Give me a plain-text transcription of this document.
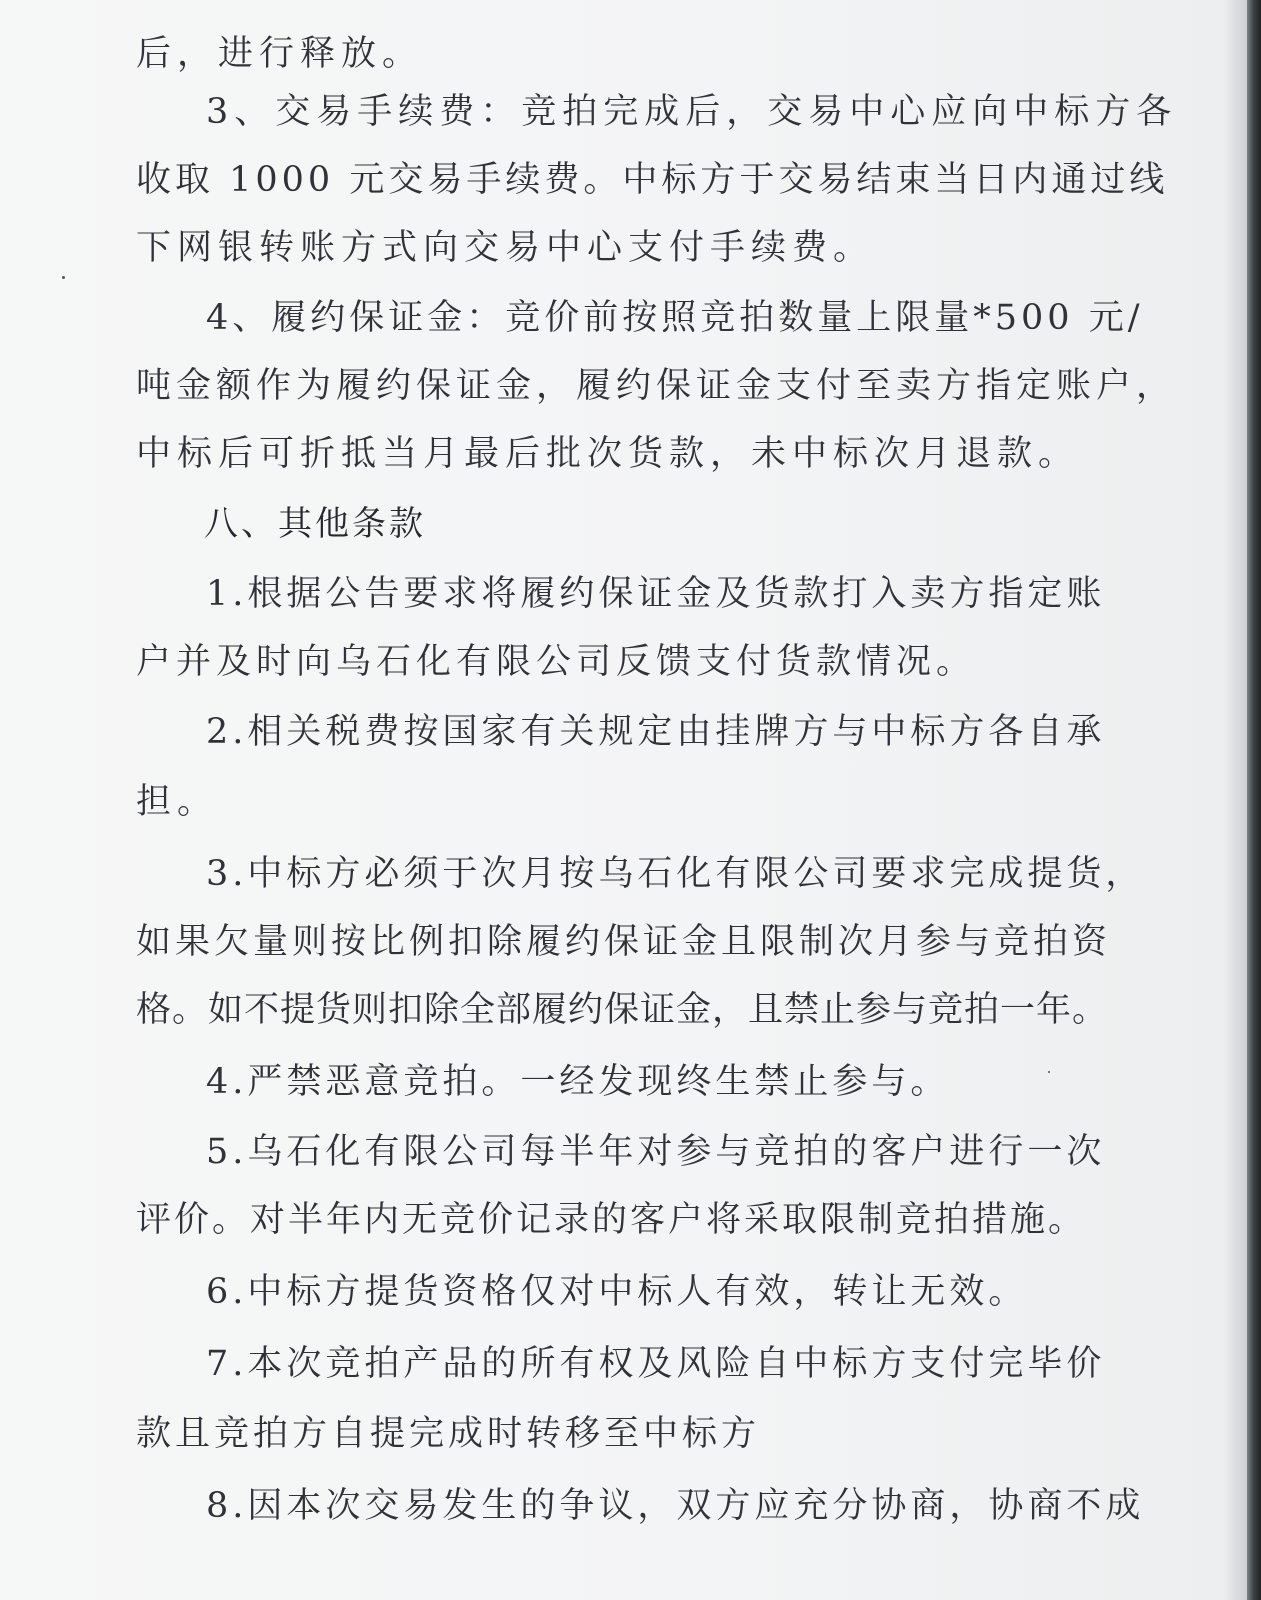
后，进行释放。
3、交易手续费：竞拍完成后，交易中心应向中标方各
收取 1000 元交易手续费。中标方于交易结束当日内通过线
下网银转账方式向交易中心支付手续费。
4、履约保证金：竞价前按照竞拍数量上限量*500 元/
吨金额作为履约保证金，履约保证金支付至卖方指定账户，
中标后可折抵当月最后批次货款，未中标次月退款。
八、其他条款
1.根据公告要求将履约保证金及货款打入卖方指定账
户并及时向乌石化有限公司反馈支付货款情况。
2.相关税费按国家有关规定由挂牌方与中标方各自承
担。
3.中标方必须于次月按乌石化有限公司要求完成提货，
如果欠量则按比例扣除履约保证金且限制次月参与竞拍资
格。如不提货则扣除全部履约保证金，且禁止参与竞拍一年。
4.严禁恶意竞拍。一经发现终生禁止参与。
5.乌石化有限公司每半年对参与竞拍的客户进行一次
评价。对半年内无竞价记录的客户将采取限制竞拍措施。
6.中标方提货资格仅对中标人有效，转让无效。
7.本次竞拍产品的所有权及风险自中标方支付完毕价
款且竞拍方自提完成时转移至中标方
8.因本次交易发生的争议，双方应充分协商，协商不成
